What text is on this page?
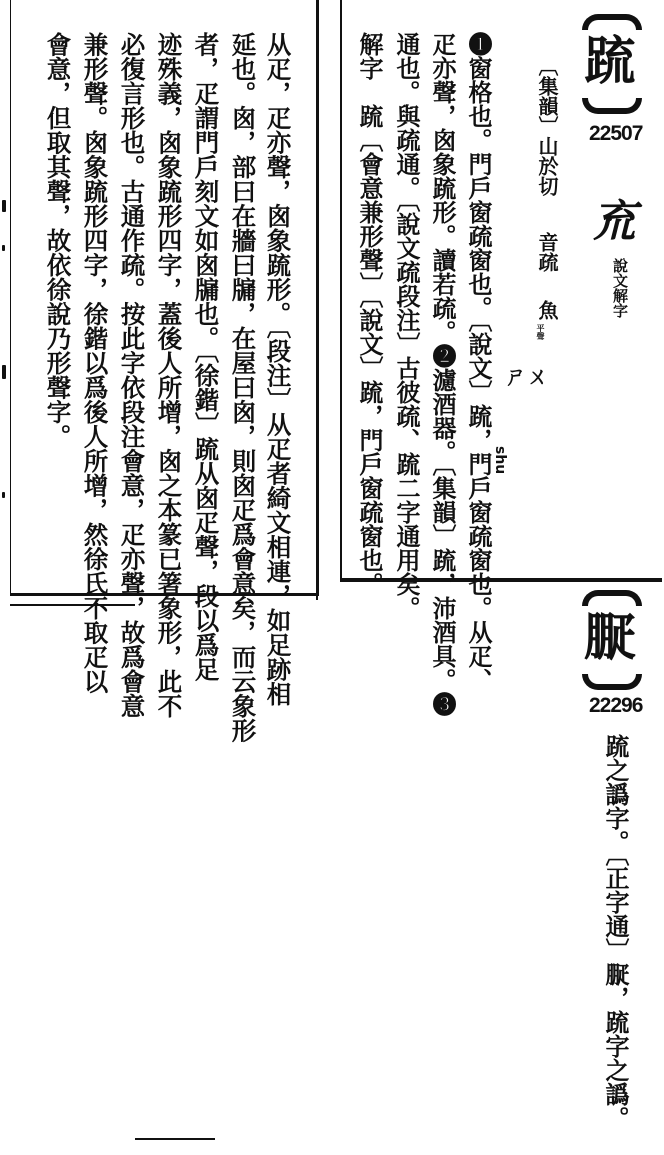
从疋，疋亦聲，囪象䟽形。〔段注〕从疋者綺文相連，如足跡相
延也。囪，部曰在牆曰牖，在屋曰囪，則囪疋爲會意矣，而云象形
者，疋謂門戶刻文如囪牖也。〔徐鍇〕䟽从囪疋聲，段以爲足
迹殊義，囪象䟽形四字，蓋後人所增，囪之本篆已箸象形，此不
必復言形也。古通作疏。按此字依段注會意，疋亦聲，故爲會意
兼形聲。囪象䟽形四字，徐鍇以爲後人所增，然徐氏不取疋以
會意，但取其聲，故依徐說乃形聲字。	䟽
22507
㐬
說文解字
〔集韻〕山於切
音疏
魚
平聲
ㄕㄨ
shu
❶窗格也。門戶窗疏窗也。〔說文〕䟽，門戶窗疏窗也。从疋、
疋亦聲，囪象䟽形。讀若疏。❷濾酒器。〔集韻〕䟽，沛酒具。❸
通也。與疏通。〔說文疏段注〕古彼疏、䟽二字通用矣。
解字　䟽〔會意兼形聲〕〔說文〕䟽，門戶窗疏窗也。
㽰
22296
䟽之譌字。〔正字通〕㽰，䟽字之譌。
